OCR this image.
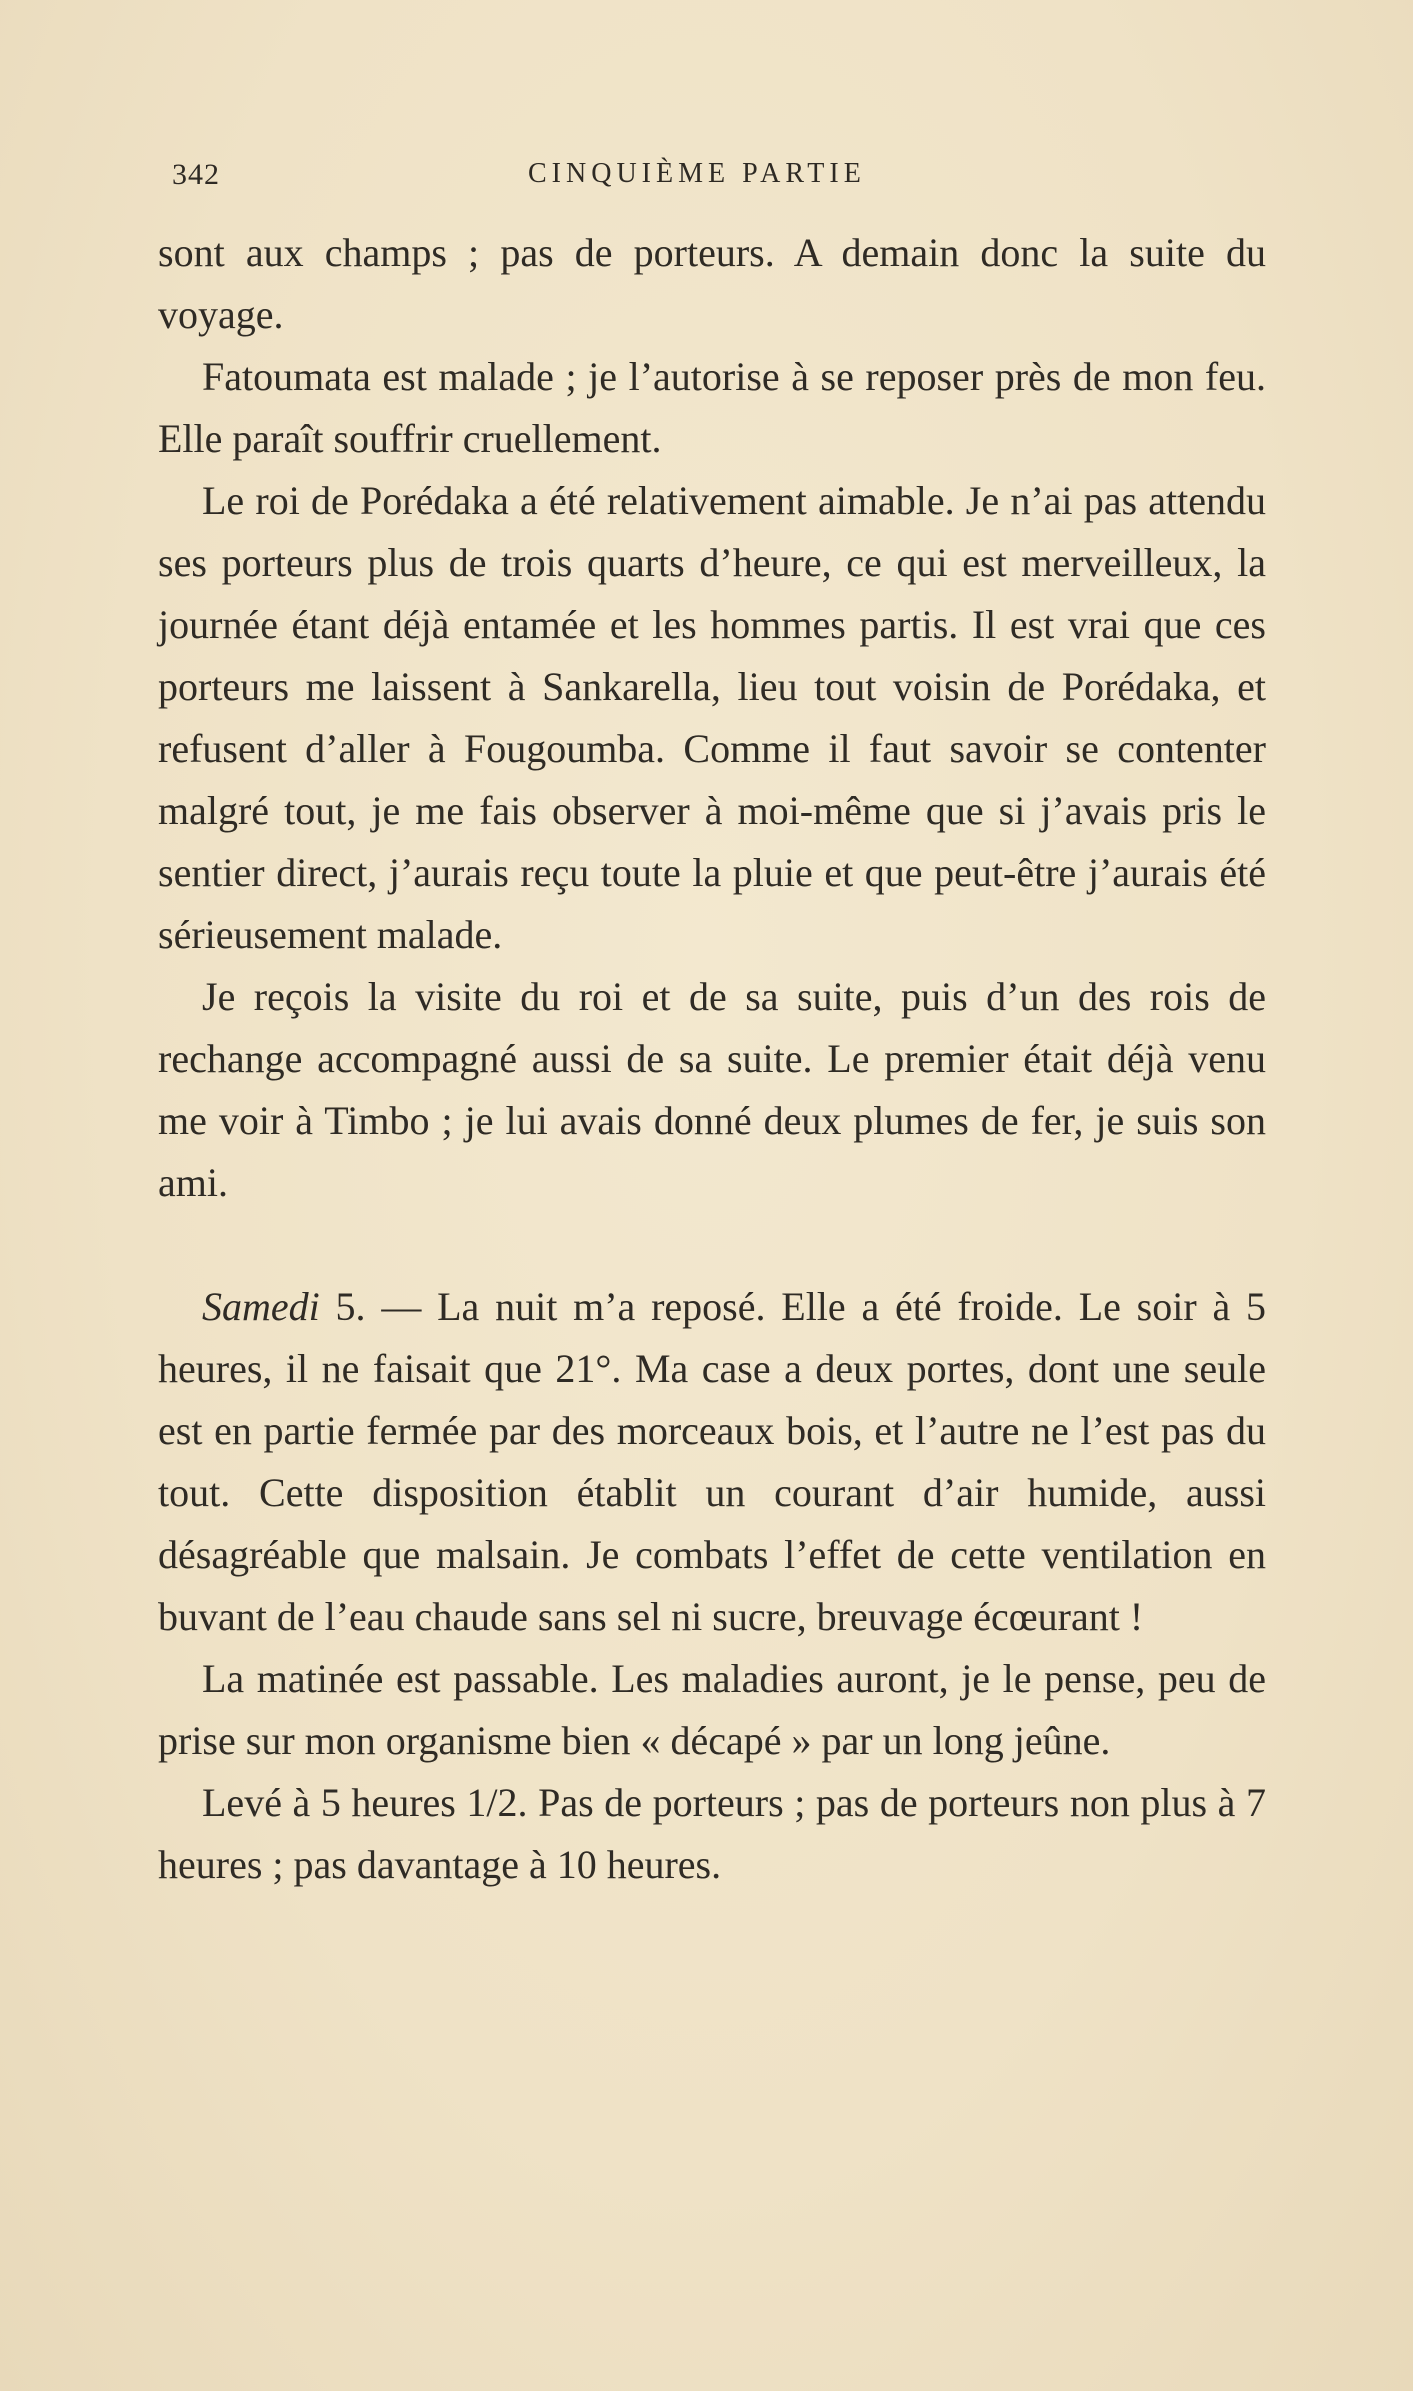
342	CINQUIÈME PARTIE

sont aux champs ; pas de porteurs. A demain donc la suite du voyage.

Fatoumata est malade ; je l’autorise à se reposer près de mon feu. Elle paraît souffrir cruellement.

Le roi de Porédaka a été relativement aimable. Je n’ai pas attendu ses porteurs plus de trois quarts d’heure, ce qui est merveilleux, la journée étant déjà entamée et les hommes partis. Il est vrai que ces porteurs me laissent à Sankarella, lieu tout voisin de Porédaka, et refusent d’aller à Fougoumba. Comme il faut savoir se contenter malgré tout, je me fais observer à moi-même que si j’avais pris le sentier direct, j’aurais reçu toute la pluie et que peut-être j’aurais été sérieusement malade.

Je reçois la visite du roi et de sa suite, puis d’un des rois de rechange accompagné aussi de sa suite. Le premier était déjà venu me voir à Timbo ; je lui avais donné deux plumes de fer, je suis son ami.

Samedi 5. — La nuit m’a reposé. Elle a été froide. Le soir à 5 heures, il ne faisait que 21°. Ma case a deux portes, dont une seule est en partie fermée par des morceaux bois, et l’autre ne l’est pas du tout. Cette disposition établit un courant d’air humide, aussi désagréable que malsain. Je combats l’effet de cette ventilation en buvant de l’eau chaude sans sel ni sucre, breuvage écœurant !

La matinée est passable. Les maladies auront, je le pense, peu de prise sur mon organisme bien « décapé » par un long jeûne.

Levé à 5 heures 1/2. Pas de porteurs ; pas de porteurs non plus à 7 heures ; pas davantage à 10 heures.
